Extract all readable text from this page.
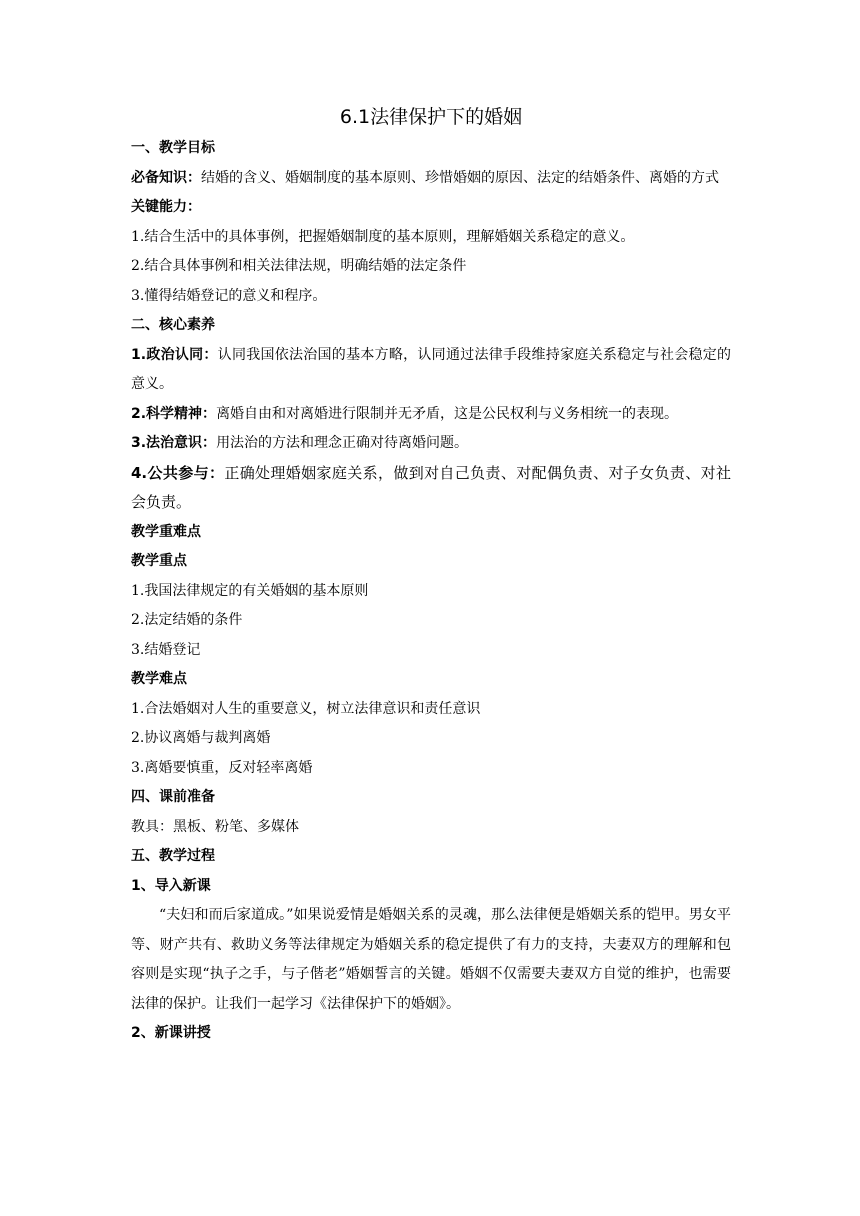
6.1法律保护下的婚姻

一、教学目标

必备知识：结婚的含义、婚姻制度的基本原则、珍惜婚姻的原因、法定的结婚条件、离婚的方式

关键能力：

1.结合生活中的具体事例，把握婚姻制度的基本原则，理解婚姻关系稳定的意义。

2.结合具体事例和相关法律法规，明确结婚的法定条件

3.懂得结婚登记的意义和程序。

二、核心素养

1.政治认同：认同我国依法治国的基本方略，认同通过法律手段维持家庭关系稳定与社会稳定的意义。

2.科学精神：离婚自由和对离婚进行限制并无矛盾，这是公民权利与义务相统一的表现。

3.法治意识：用法治的方法和理念正确对待离婚问题。

4.公共参与：正确处理婚姻家庭关系，做到对自己负责、对配偶负责、对子女负责、对社会负责。

教学重难点

教学重点

1.我国法律规定的有关婚姻的基本原则

2.法定结婚的条件

3.结婚登记

教学难点

1.合法婚姻对人生的重要意义，树立法律意识和责任意识

2.协议离婚与裁判离婚

3.离婚要慎重，反对轻率离婚

四、课前准备

教具：黑板、粉笔、多媒体

五、教学过程

1、导入新课

“夫妇和而后家道成。”如果说爱情是婚姻关系的灵魂，那么法律便是婚姻关系的铠甲。男女平等、财产共有、救助义务等法律规定为婚姻关系的稳定提供了有力的支持，夫妻双方的理解和包容则是实现“执子之手，与子偕老”婚姻誓言的关键。婚姻不仅需要夫妻双方自觉的维护，也需要法律的保护。让我们一起学习《法律保护下的婚姻》。

2、新课讲授
